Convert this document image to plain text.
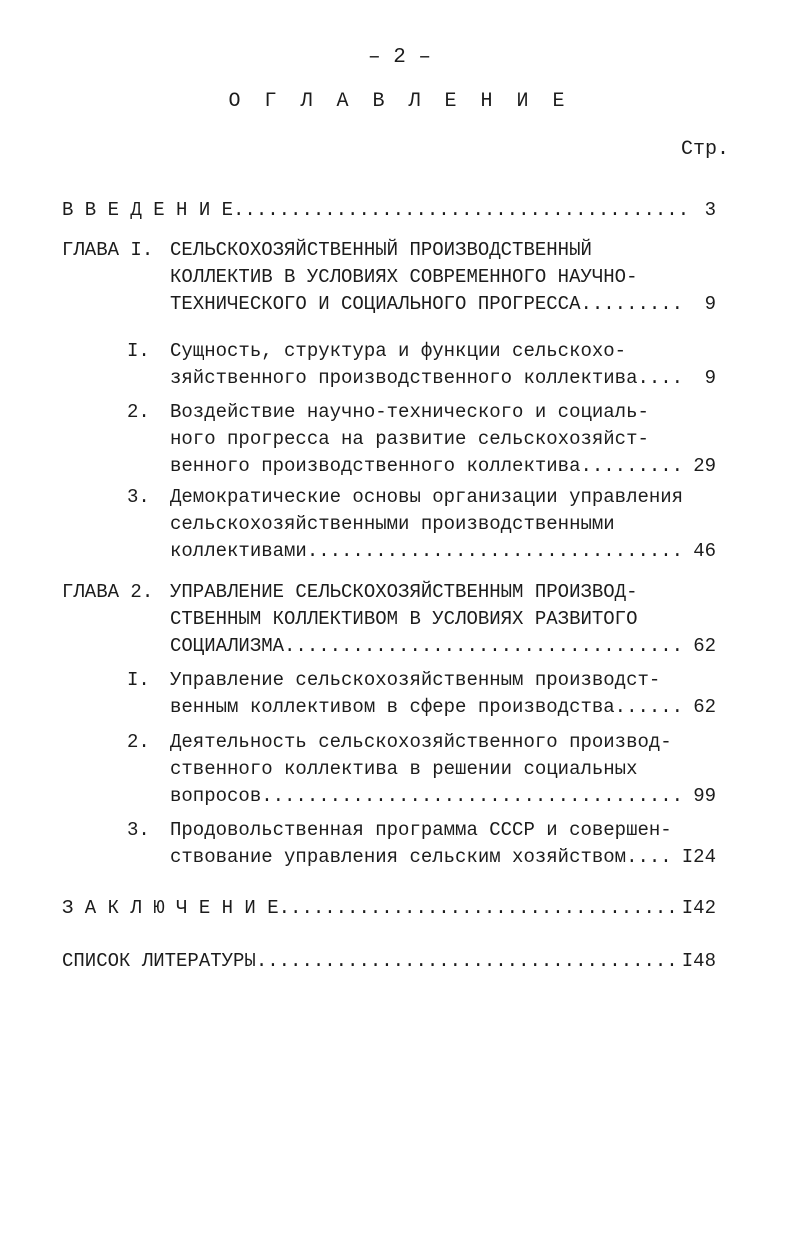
– 2 –
О Г Л А В Л Е Н И Е
Стр.
В В Е Д Е Н И Е........................................ 3
ГЛАВА I. СЕЛЬСКОХОЗЯЙСТВЕННЫЙ ПРОИЗВОДСТВЕННЫЙ
КОЛЛЕКТИВ В УСЛОВИЯХ СОВРЕМЕННОГО НАУЧНО-
ТЕХНИЧЕСКОГО И СОЦИАЛЬНОГО ПРОГРЕССА.........	9
I. Сущность, структура и функции сельскохо-
зяйственного производственного коллектива....	9
2. Воздействие научно-технического и социаль-
ного прогресса на развитие сельскохозяйст-
венного производственного коллектива......... 29
3. Демократические основы организации управления
сельскохозяйственными производственными
коллективами................................. 46
ГЛАВА 2. УПРАВЛЕНИЕ СЕЛЬСКОХОЗЯЙСТВЕННЫМ ПРОИЗВОД-
СТВЕННЫМ КОЛЛЕКТИВОМ В УСЛОВИЯХ РАЗВИТОГО
СОЦИАЛИЗМА................................... 62
I. Управление сельскохозяйственным производст-
венным коллективом в сфере производства...... 62
2. Деятельность сельскохозяйственного производ-
ственного коллектива в решении социальных
вопросов..................................... 99
3. Продовольственная программа СССР и совершен-
ствование управления сельским хозяйством.... I24
З А К Л Ю Ч Е Н И Е................................... I42
СПИСОК ЛИТЕРАТУРЫ..................................... I48
